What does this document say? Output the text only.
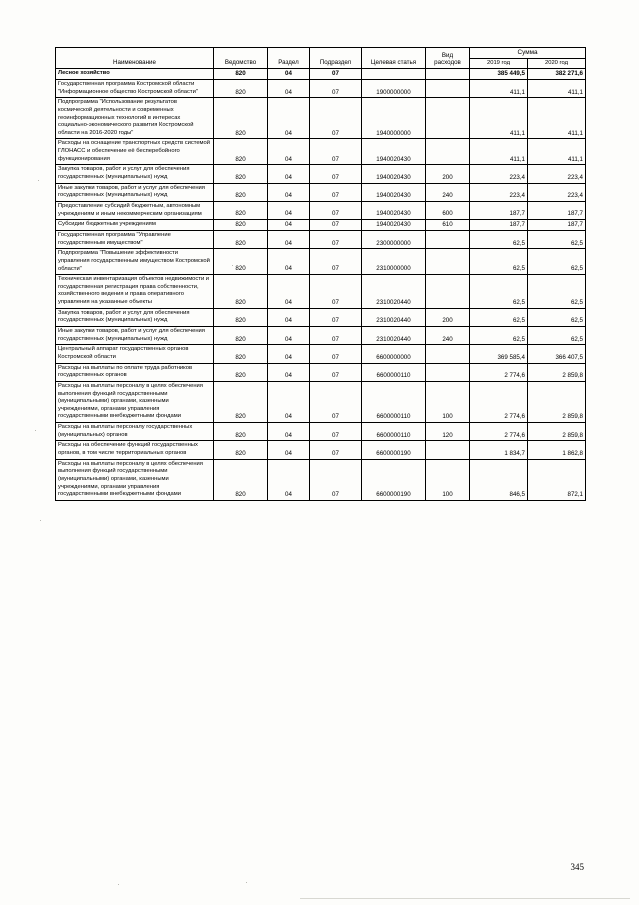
Наименование	Ведомство	Раздел	Подраздел	Целевая статья	Вид расходов	Сумма	
						2019 год	2020 год
Лесное хозяйство	820	04	07			385 449,5	382 271,6
Государственная программа Костромской области "Информационное общество Костромской области"	820	04	07	1900000000		411,1	411,1
Подпрограмма "Использование результатов космической деятельности и современных геоинформационных технологий в интересах социально-экономического развития Костромской области на 2016-2020 годы"	820	04	07	1940000000		411,1	411,1
Расходы на оснащение транспортных средств системой ГЛОНАСС и обеспечение её бесперебойного функционирования	820	04	07	1940020430		411,1	411,1
Закупка товаров, работ и услуг для обеспечения государственных (муниципальных) нужд	820	04	07	1940020430	200	223,4	223,4
Иные закупки товаров, работ и услуг для обеспечения государственных (муниципальных) нужд	820	04	07	1940020430	240	223,4	223,4
Предоставление субсидий бюджетным, автономным учреждениям и иным некоммерческим организациям	820	04	07	1940020430	600	187,7	187,7
Субсидии бюджетным учреждениям	820	04	07	1940020430	610	187,7	187,7
Государственная программа "Управление государственным имуществом"	820	04	07	2300000000		62,5	62,5
Подпрограмма "Повышение эффективности управления государственным имуществом Костромской области"	820	04	07	2310000000		62,5	62,5
Техническая инвентаризация объектов недвижимости и государственная регистрация права собственности, хозяйственного ведения и права оперативного управления на указанные объекты	820	04	07	2310020440		62,5	62,5
Закупка товаров, работ и услуг для обеспечения государственных (муниципальных) нужд	820	04	07	2310020440	200	62,5	62,5
Иные закупки товаров, работ и услуг для обеспечения государственных (муниципальных) нужд	820	04	07	2310020440	240	62,5	62,5
Центральный аппарат государственных органов Костромской области	820	04	07	6600000000		369 585,4	366 407,5
Расходы на выплаты по оплате труда работников государственных органов	820	04	07	6600000110		2 774,6	2 859,8
Расходы на выплаты персоналу в целях обеспечения выполнения функций государственными (муниципальными) органами, казенными учреждениями, органами управления государственными внебюджетными фондами	820	04	07	6600000110	100	2 774,6	2 859,8
Расходы на выплаты персоналу государственных (муниципальных) органов	820	04	07	6600000110	120	2 774,6	2 859,8
Расходы на обеспечение функций государственных органов, в том числе территориальных органов	820	04	07	6600000190		1 834,7	1 862,8
Расходы на выплаты персоналу в целях обеспечения выполнения функций государственными (муниципальными) органами, казенными учреждениями, органами управления государственными внебюджетными фондами	820	04	07	6600000190	100	846,5	872,1
345
